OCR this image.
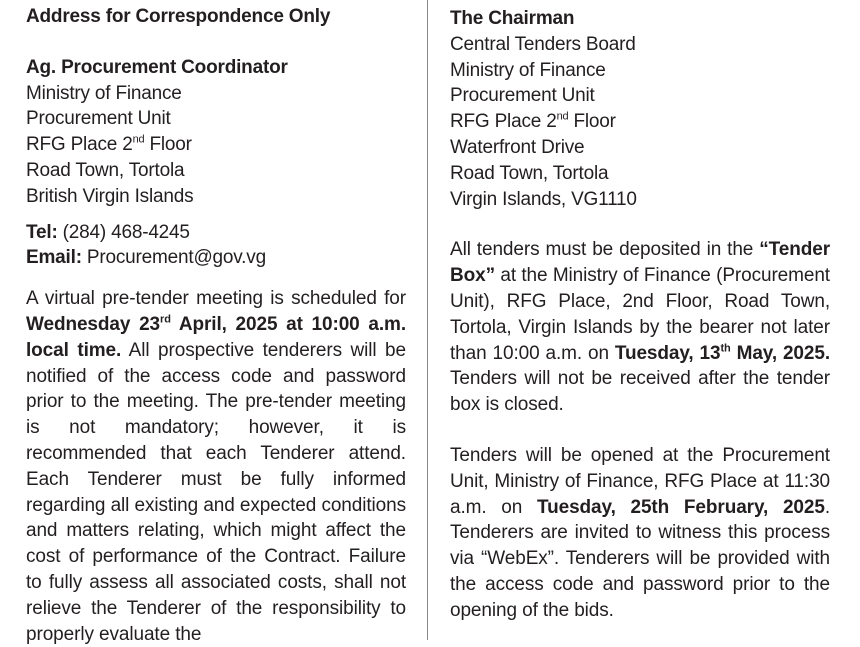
Address for Correspondence Only
Ag. Procurement Coordinator
Ministry of Finance
Procurement Unit
RFG Place 2nd Floor
Road Town, Tortola
British Virgin Islands
Tel: (284) 468-4245
Email: Procurement@gov.vg
A virtual pre-tender meeting is scheduled for Wednesday 23rd April, 2025 at 10:00 a.m. local time. All prospective tenderers will be notified of the access code and password prior to the meeting. The pre-tender meeting is not mandatory; however, it is recommended that each Tenderer attend. Each Tenderer must be fully informed regarding all existing and expected conditions and matters relating, which might affect the cost of performance of the Contract. Failure to fully assess all associated costs, shall not relieve the Tenderer of the responsibility to properly evaluate the
The Chairman
Central Tenders Board
Ministry of Finance
Procurement Unit
RFG Place 2nd Floor
Waterfront Drive
Road Town, Tortola
Virgin Islands, VG1110
All tenders must be deposited in the “Tender Box” at the Ministry of Finance (Procurement Unit), RFG Place, 2nd Floor, Road Town, Tortola, Virgin Islands by the bearer not later than 10:00 a.m. on Tuesday, 13th May, 2025. Tenders will not be received after the tender box is closed.
Tenders will be opened at the Procurement Unit, Ministry of Finance, RFG Place at 11:30 a.m. on Tuesday, 25th February, 2025. Tenderers are invited to witness this process via “WebEx”. Tenderers will be provided with the access code and password prior to the opening of the bids.
